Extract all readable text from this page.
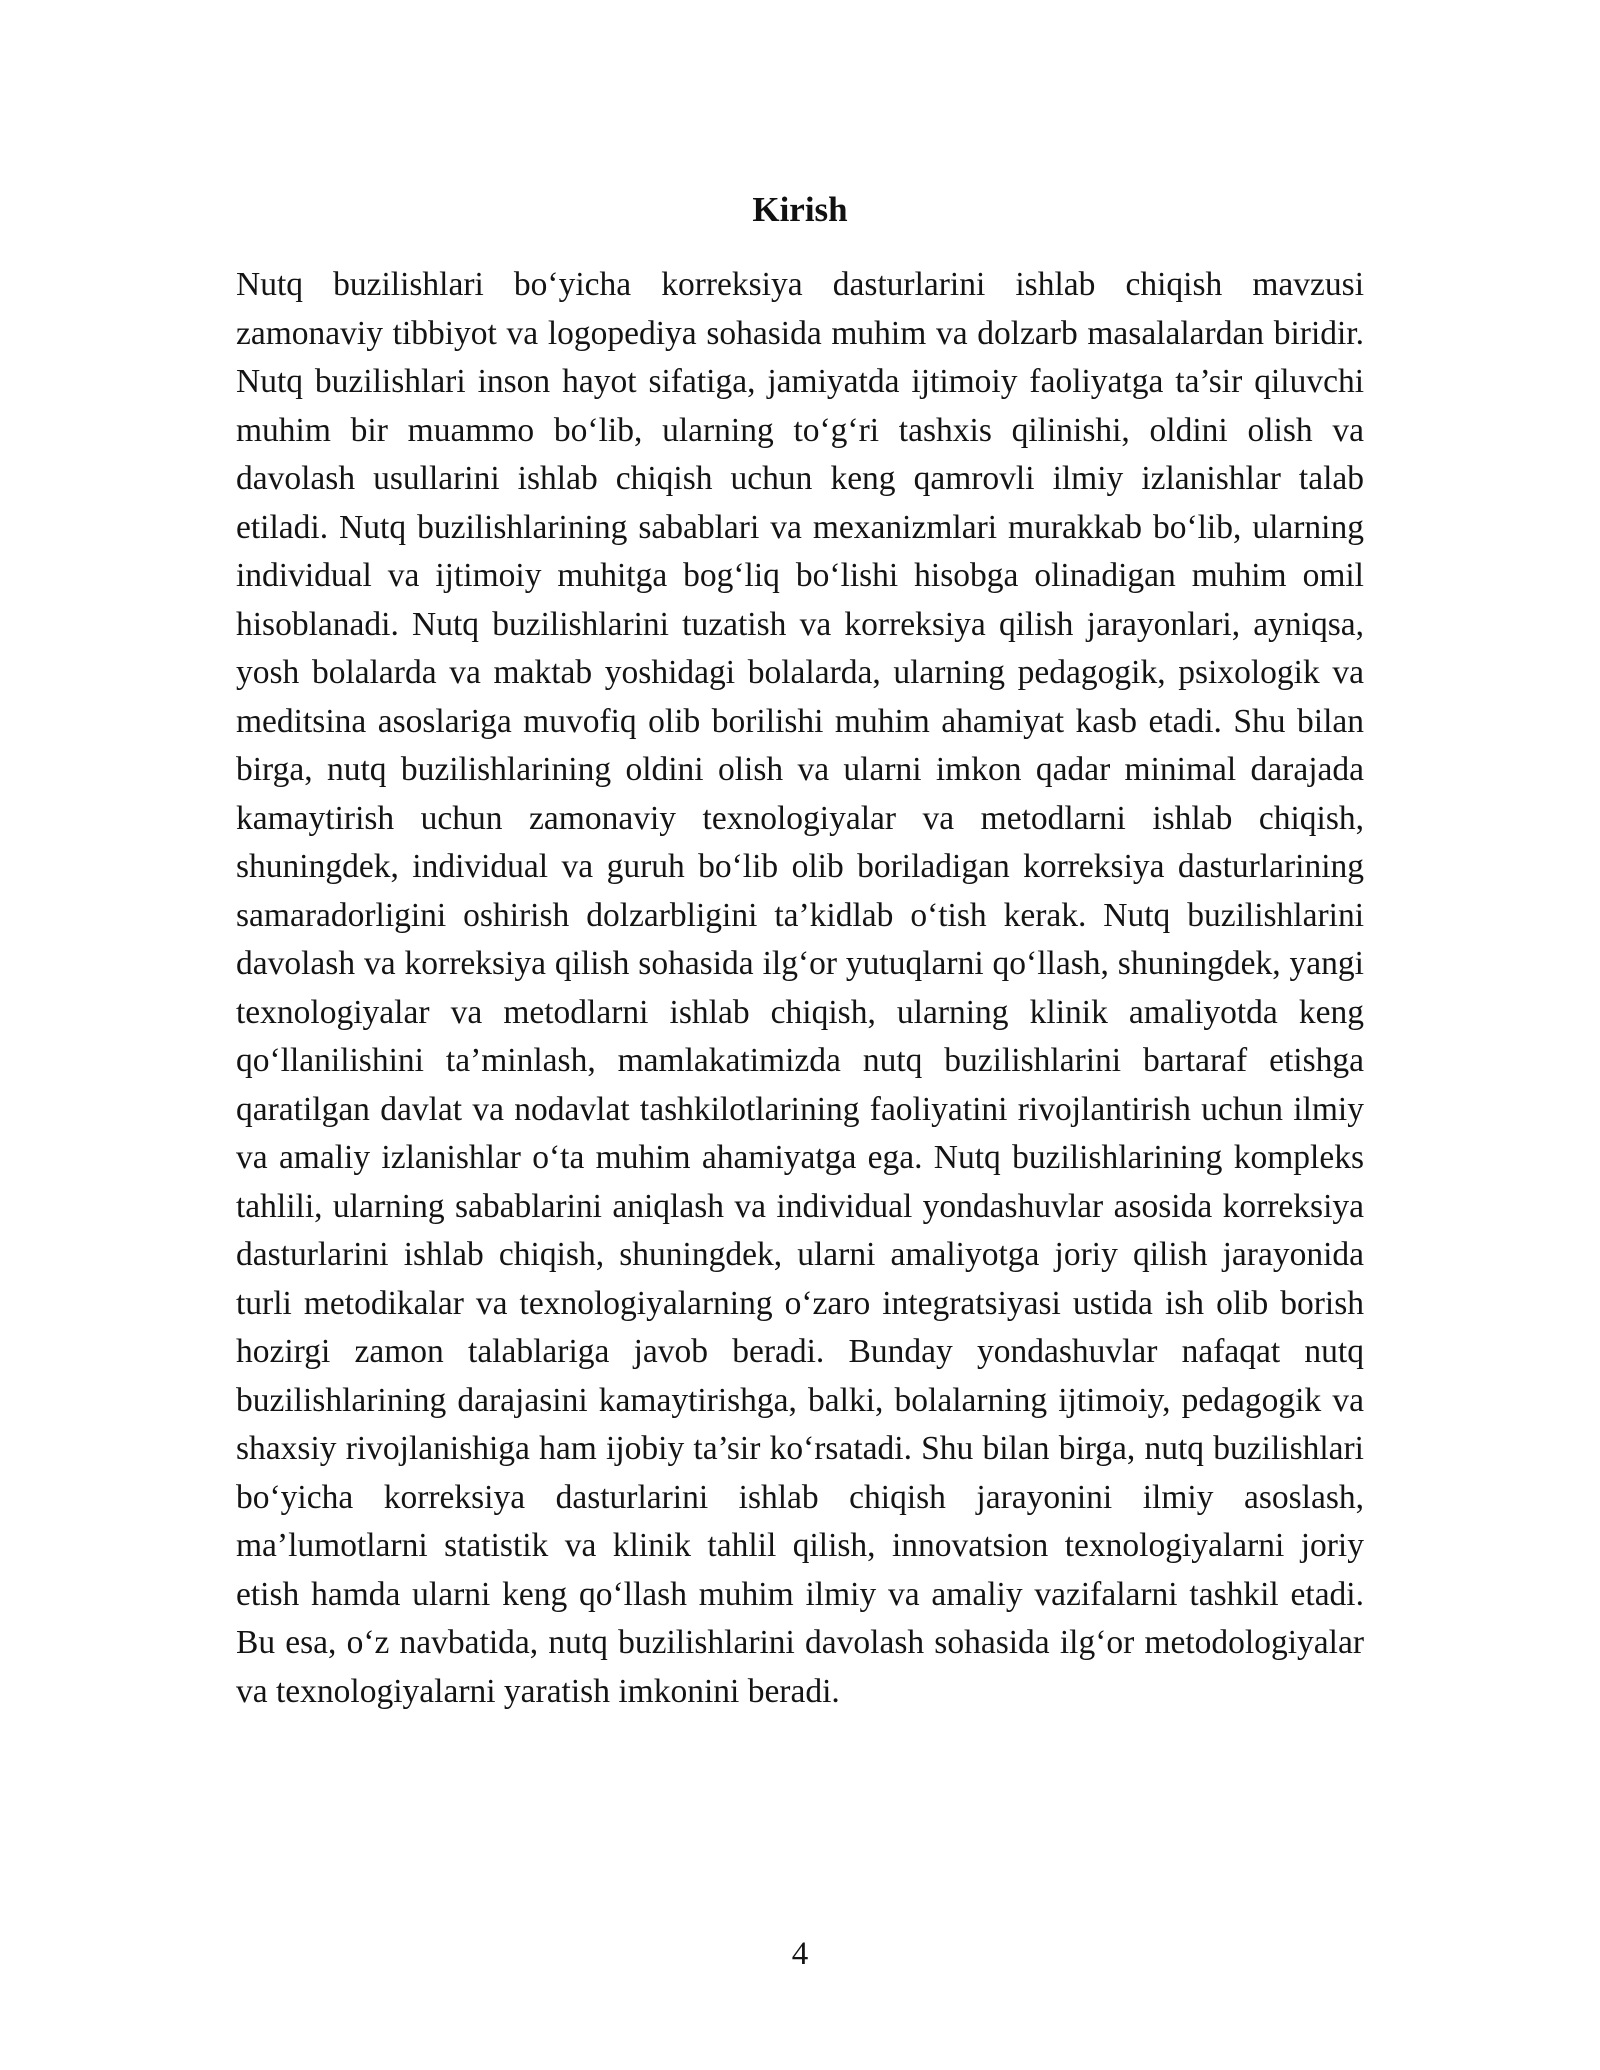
Kirish

Nutq buzilishlari bo‘yicha korreksiya dasturlarini ishlab chiqish mavzusi zamonaviy tibbiyot va logopediya sohasida muhim va dolzarb masalalardan biridir. Nutq buzilishlari inson hayot sifatiga, jamiyatda ijtimoiy faoliyatga ta’sir qiluvchi muhim bir muammo bo‘lib, ularning to‘g‘ri tashxis qilinishi, oldini olish va davolash usullarini ishlab chiqish uchun keng qamrovli ilmiy izlanishlar talab etiladi. Nutq buzilishlarining sabablari va mexanizmlari murakkab bo‘lib, ularning individual va ijtimoiy muhitga bog‘liq bo‘lishi hisobga olinadigan muhim omil hisoblanadi. Nutq buzilishlarini tuzatish va korreksiya qilish jarayonlari, ayniqsa, yosh bolalarda va maktab yoshidagi bolalarda, ularning pedagogik, psixologik va meditsina asoslariga muvofiq olib borilishi muhim ahamiyat kasb etadi. Shu bilan birga, nutq buzilishlarining oldini olish va ularni imkon qadar minimal darajada kamaytirish uchun zamonaviy texnologiyalar va metodlarni ishlab chiqish, shuningdek, individual va guruh bo‘lib olib boriladigan korreksiya dasturlarining samaradorligini oshirish dolzarbligini ta’kidlab o‘tish kerak. Nutq buzilishlarini davolash va korreksiya qilish sohasida ilg‘or yutuqlarni qo‘llash, shuningdek, yangi texnologiyalar va metodlarni ishlab chiqish, ularning klinik amaliyotda keng qo‘llanilishini ta’minlash, mamlakatimizda nutq buzilishlarini bartaraf etishga qaratilgan davlat va nodavlat tashkilotlarining faoliyatini rivojlantirish uchun ilmiy va amaliy izlanishlar o‘ta muhim ahamiyatga ega. Nutq buzilishlarining kompleks tahlili, ularning sabablarini aniqlash va individual yondashuvlar asosida korreksiya dasturlarini ishlab chiqish, shuningdek, ularni amaliyotga joriy qilish jarayonida turli metodikalar va texnologiyalarning o‘zaro integratsiyasi ustida ish olib borish hozirgi zamon talablariga javob beradi. Bunday yondashuvlar nafaqat nutq buzilishlarining darajasini kamaytirishga, balki, bolalarning ijtimoiy, pedagogik va shaxsiy rivojlanishiga ham ijobiy ta’sir ko‘rsatadi. Shu bilan birga, nutq buzilishlari bo‘yicha korreksiya dasturlarini ishlab chiqish jarayonini ilmiy asoslash, ma’lumotlarni statistik va klinik tahlil qilish, innovatsion texnologiyalarni joriy etish hamda ularni keng qo‘llash muhim ilmiy va amaliy vazifalarni tashkil etadi. Bu esa, o‘z navbatida, nutq buzilishlarini davolash sohasida ilg‘or metodologiyalar va texnologiyalarni yaratish imkonini beradi.

4
